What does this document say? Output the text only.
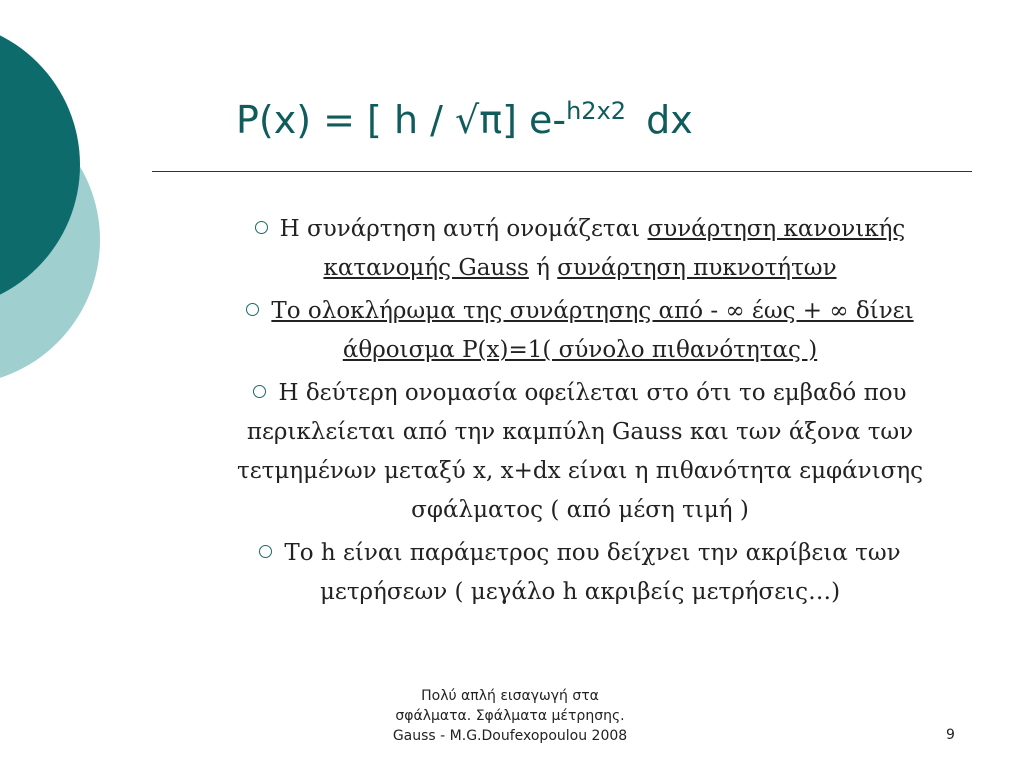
P(x) = [ h / √π] e-$^{h2x2}$ dx
Η συνάρτηση αυτή ονομάζεται συνάρτηση κανονικής
κατανομής Gauss ή συνάρτηση πυκνοτήτων
Το ολοκλήρωμα της συνάρτησης από - ∞ έως + ∞ δίνει
άθροισμα P(x)=1( σύνολο πιθανότητας )
Η δεύτερη ονομασία οφείλεται στο ότι το εμβαδό που
περικλείεται από την καμπύλη Gauss και των άξονα των
τετμημένων μεταξύ x, x+dx είναι η πιθανότητα εμφάνισης
σφάλματος ( από μέση τιμή )
Το h είναι παράμετρος που δείχνει την ακρίβεια των
μετρήσεων ( μεγάλο h ακριβείς μετρήσεις…)
Πολύ απλή εισαγωγή στα
σφάλματα. Σφάλματα μέτρησης.
Gauss - M.G.Doufexopoulou 2008	9
